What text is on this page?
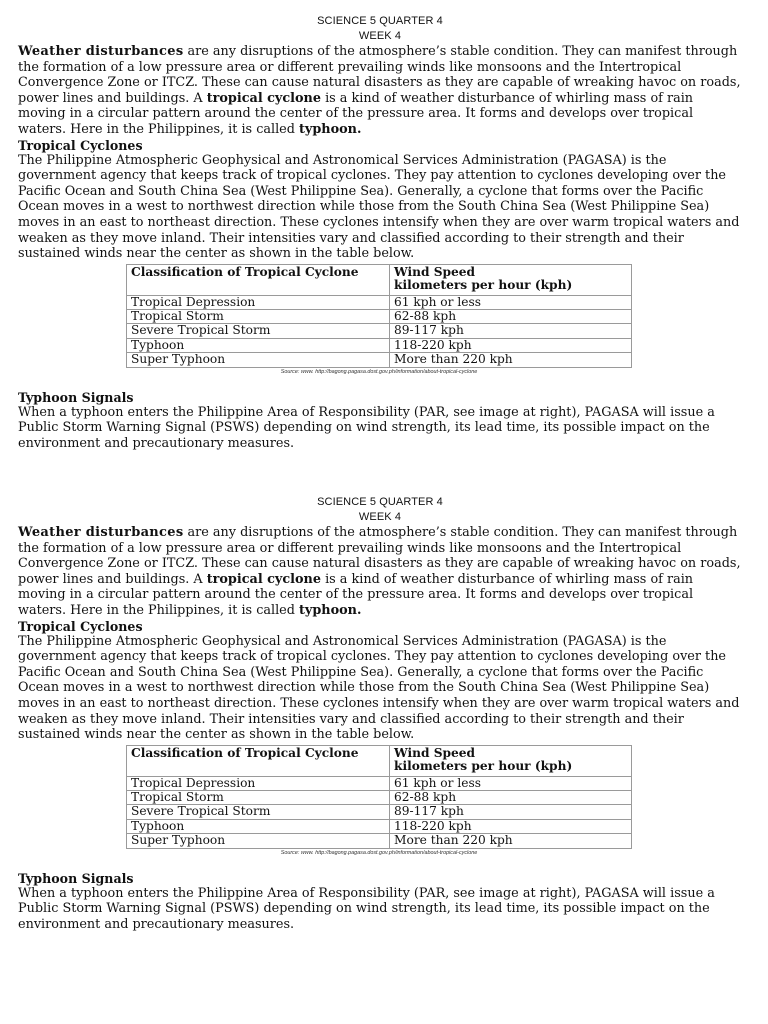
SCIENCE 5 QUARTER 4
WEEK 4

Weather disturbances are any disruptions of the atmosphere’s stable condition. They can manifest through the formation of a low pressure area or different prevailing winds like monsoons and the Intertropical Convergence Zone or ITCZ. These can cause natural disasters as they are capable of wreaking havoc on roads, power lines and buildings. A tropical cyclone is a kind of weather disturbance of whirling mass of rain moving in a circular pattern around the center of the pressure area. It forms and develops over tropical waters. Here in the Philippines, it is called typhoon.

Tropical Cyclones

The Philippine Atmospheric Geophysical and Astronomical Services Administration (PAGASA) is the government agency that keeps track of tropical cyclones. They pay attention to cyclones developing over the Pacific Ocean and South China Sea (West Philippine Sea). Generally, a cyclone that forms over the Pacific Ocean moves in a west to northwest direction while those from the South China Sea (West Philippine Sea) moves in an east to northeast direction. These cyclones intensify when they are over warm tropical waters and weaken as they move inland. Their intensities vary and classified according to their strength and their sustained winds near the center as shown in the table below.

Classification of Tropical Cyclone	Wind Speed
kilometers per hour (kph)
Tropical Depression	61 kph or less
Tropical Storm	62-88 kph
Severe Tropical Storm	89-117 kph
Typhoon	118-220 kph
Super Typhoon	More than 220 kph
Source: www. http://bagong.pagasa.dost.gov.ph/information/about-tropical-cyclone

Typhoon Signals

When a typhoon enters the Philippine Area of Responsibility (PAR, see image at right), PAGASA will issue a Public Storm Warning Signal (PSWS) depending on wind strength, its lead time, its possible impact on the environment and precautionary measures.

SCIENCE 5 QUARTER 4
WEEK 4

Weather disturbances are any disruptions of the atmosphere’s stable condition. They can manifest through the formation of a low pressure area or different prevailing winds like monsoons and the Intertropical Convergence Zone or ITCZ. These can cause natural disasters as they are capable of wreaking havoc on roads, power lines and buildings. A tropical cyclone is a kind of weather disturbance of whirling mass of rain moving in a circular pattern around the center of the pressure area. It forms and develops over tropical waters. Here in the Philippines, it is called typhoon.

Tropical Cyclones

The Philippine Atmospheric Geophysical and Astronomical Services Administration (PAGASA) is the government agency that keeps track of tropical cyclones. They pay attention to cyclones developing over the Pacific Ocean and South China Sea (West Philippine Sea). Generally, a cyclone that forms over the Pacific Ocean moves in a west to northwest direction while those from the South China Sea (West Philippine Sea) moves in an east to northeast direction. These cyclones intensify when they are over warm tropical waters and weaken as they move inland. Their intensities vary and classified according to their strength and their sustained winds near the center as shown in the table below.

Classification of Tropical Cyclone	Wind Speed
kilometers per hour (kph)
Tropical Depression	61 kph or less
Tropical Storm	62-88 kph
Severe Tropical Storm	89-117 kph
Typhoon	118-220 kph
Super Typhoon	More than 220 kph
Source: www. http://bagong.pagasa.dost.gov.ph/information/about-tropical-cyclone

Typhoon Signals

When a typhoon enters the Philippine Area of Responsibility (PAR, see image at right), PAGASA will issue a Public Storm Warning Signal (PSWS) depending on wind strength, its lead time, its possible impact on the environment and precautionary measures.
